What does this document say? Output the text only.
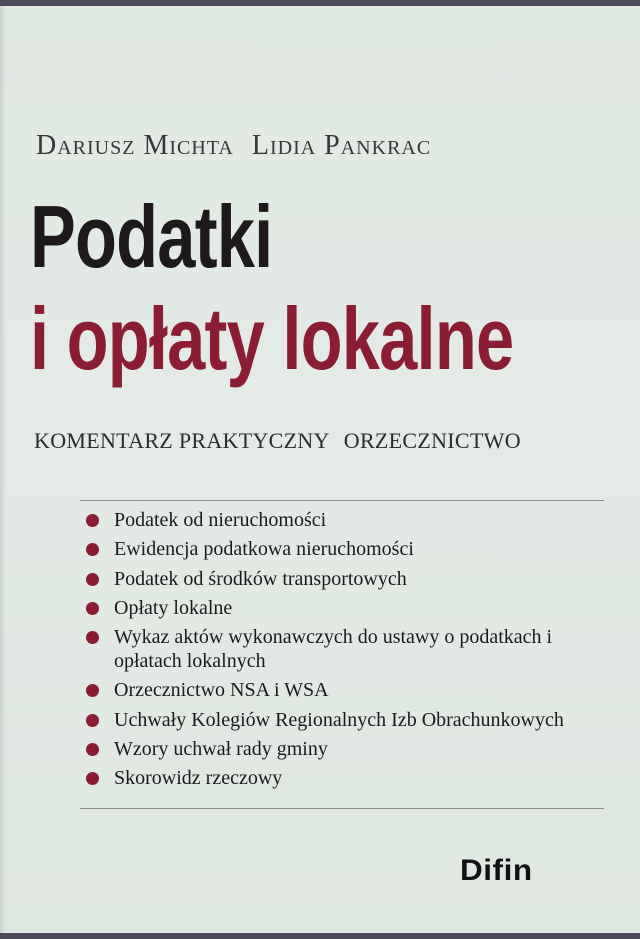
Dariusz Michta Lidia Pankrac
Podatki
i opłaty lokalne
KOMENTARZ PRAKTYCZNY ORZECZNICTWO
Podatek od nieruchomości
Ewidencja podatkowa nieruchomości
Podatek od środków transportowych
Opłaty lokalne
Wykaz aktów wykonawczych do ustawy o podatkach i opłatach lokalnych
Orzecznictwo NSA i WSA
Uchwały Kolegiów Regionalnych Izb Obrachunkowych
Wzory uchwał rady gminy
Skorowidz rzeczowy
Difin
